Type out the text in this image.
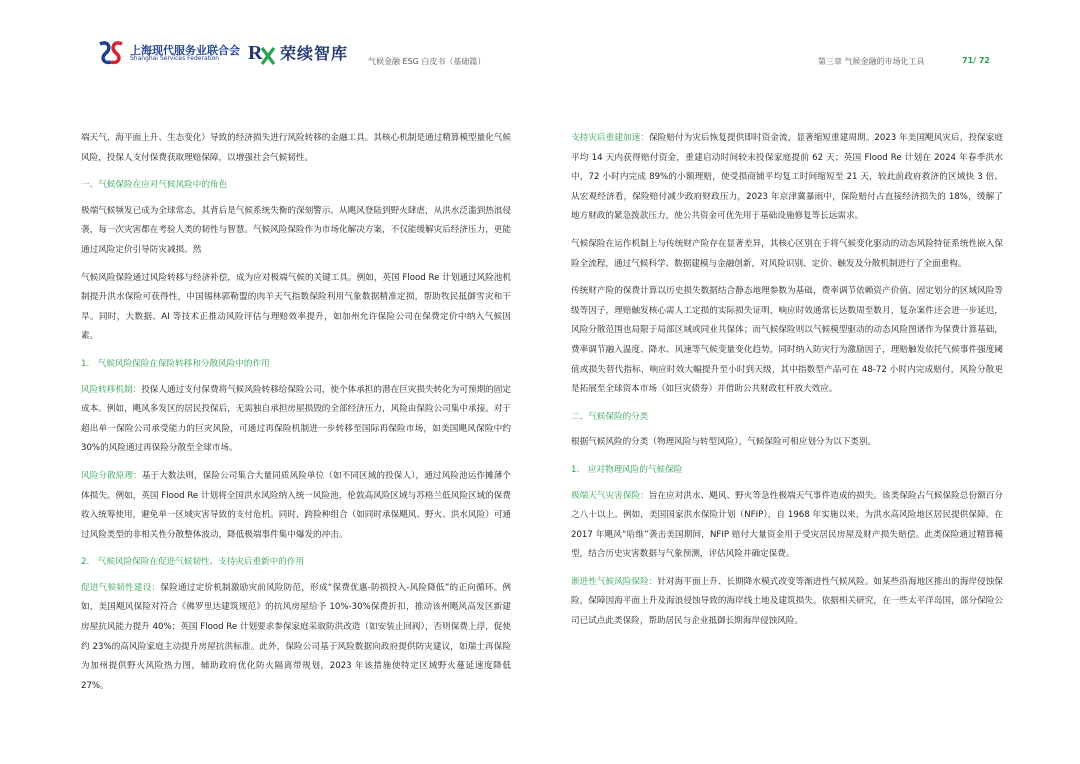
上海现代服务业联合会
Shanghai Services Federation R 荣续智库 气候金融 ESG 白皮书（基础篇）	第三章 气候金融的市场化工具	71/ 72

端天气、海平面上升、生态变化）导致的经济损失进行风险转移的金融工具。其核心机制是通过精算模型量化气候风险，投保人支付保费获取理赔保障，以增强社会气候韧性。

一、气候保险在应对气候风险中的角色

极端气候频发已成为全球常态，其背后是气候系统失衡的深刻警示。从飓风登陆到野火肆虐，从洪水泛滥到热浪侵袭，每一次灾害都在考验人类的韧性与智慧。气候风险保险作为市场化解决方案，不仅能缓解灾后经济压力，更能通过风险定价引导防灾减损。然

气候风险保险通过风险转移与经济补偿，成为应对极端气候的关键工具。例如，英国 Flood Re 计划通过风险池机制提升洪水保险可获得性，中国锡林郭勒盟的肉羊天气指数保险利用气象数据精准定损，帮助牧民抵御雪灾和干旱。同时，大数据、AI 等技术正推动风险评估与理赔效率提升，如加州允许保险公司在保费定价中纳入气候因素。

1.　气候风险保险在保险转移和分散风险中的作用

风险转移机制：投保人通过支付保费将气候风险转移给保险公司，使个体承担的潜在巨灾损失转化为可预期的固定成本。例如，飓风多发区的居民投保后，无需独自承担房屋损毁的全部经济压力，风险由保险公司集中承接。对于超出单一保险公司承受能力的巨灾风险，可通过再保险机制进一步转移至国际再保险市场，如美国飓风保险中约 30%的风险通过再保险分散至全球市场。

风险分散原理：基于大数法则，保险公司集合大量同质风险单位（如不同区域的投保人），通过风险池运作摊薄个体损失。例如，英国 Flood Re 计划将全国洪水风险纳入统一风险池，伦敦高风险区域与苏格兰低风险区域的保费收入统筹使用，避免单一区域灾害导致的支付危机。同时，跨险种组合（如同时承保飓风、野火、洪水风险）可通过风险类型的非相关性分散整体波动，降低极端事件集中爆发的冲击。

2.　气候风险保险在促进气候韧性、支持灾后重新中的作用

促进气候韧性建设：保险通过定价机制激励灾前风险防范，形成“保费优惠-防损投入-风险降低”的正向循环。例如，美国飓风保险对符合《佛罗里达建筑规范》的抗风房屋给予 10%-30%保费折扣，推动该州飓风高发区新建房屋抗风能力提升 40%；英国 Flood Re 计划要求参保家庭采取防洪改造（如安装止回阀），否则保费上浮，促使约 23%的高风险家庭主动提升房屋抗洪标准。此外，保险公司基于风险数据向政府提供防灾建议，如瑞士再保险为加州提供野火风险热力图，辅助政府优化防火隔离带规划，2023 年该措施使特定区域野火蔓延速度降低 27%。

支持灾后重建加速：保险赔付为灾后恢复提供即时资金流，显著缩短重建周期。2023 年美国飓风灾后，投保家庭平均 14 天内获得赔付资金，重建启动时间较未投保家庭提前 62 天；英国 Flood Re 计划在 2024 年春季洪水中，72 小时内完成 89%的小额理赔，使受损商铺平均复工时间缩短至 21 天，较此前政府救济的区域快 3 倍。从宏观经济看，保险赔付减少政府财政压力，2023 年京津冀暴雨中，保险赔付占直接经济损失的 18%，缓解了地方财政的紧急拨款压力，使公共资金可优先用于基础设施修复等长远需求。

气候保险在运作机制上与传统财产险存在显著差异，其核心区别在于将气候变化驱动的动态风险特征系统性嵌入保险全流程，通过气候科学、数据建模与金融创新，对风险识别、定价、触发及分散机制进行了全面重构。

传统财产险的保费计算以历史损失数据结合静态地理参数为基础，费率调节依赖资产价值、固定划分的区域风险等级等因子，理赔触发核心需人工定损的实际损失证明，响应时效通常长达数周至数月，复杂案件还会进一步延迟，风险分散范围也局限于局部区域或同业共保体；而气候保险则以气候模型驱动的动态风险图谱作为保费计算基础，费率调节融入温度、降水、风速等气候变量变化趋势，同时纳入防灾行为激励因子，理赔触发依托气候事件强度阈值或损失替代指标，响应时效大幅提升至小时到天级，其中指数型产品可在 48-72 小时内完成赔付，风险分散更是拓展至全球资本市场（如巨灾债券）并借助公共财政杠杆放大效应。

二、气候保险的分类

根据气候风险的分类（物理风险与转型风险），气候保险可相应划分为以下类别。

1.　应对物理风险的气候保险

极端天气灾害保险：旨在应对洪水、飓风、野火等急性极端天气事件造成的损失。该类保险占气候保险总份额百分之八十以上。例如，美国国家洪水保险计划（NFIP），自 1968 年实施以来，为洪水高风险地区居民提供保障。在 2017 年飓风“哈维”袭击美国期间，NFIP 赔付大量资金用于受灾居民房屋及财产损失赔偿。此类保险通过精算模型，结合历史灾害数据与气象预测，评估风险并确定保费。

渐进性气候风险保险：针对海平面上升、长期降水模式改变等渐进性气候风险。如某些沿海地区推出的海岸侵蚀保险，保障因海平面上升及海浪侵蚀导致的海岸线土地及建筑损失。依据相关研究，在一些太平洋岛国，部分保险公司已试点此类保险，帮助居民与企业抵御长期海岸侵蚀风险。
